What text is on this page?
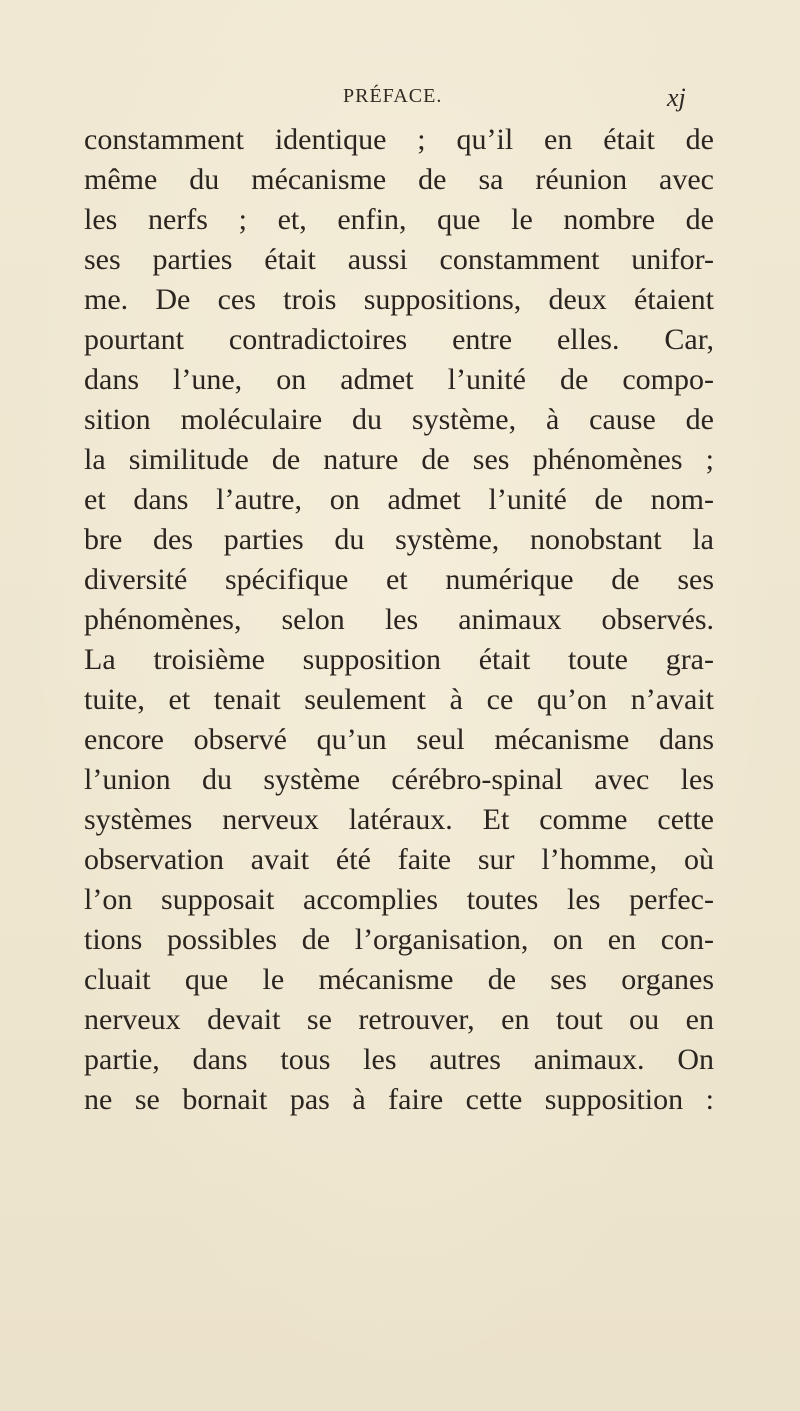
PRÉFACE.	xj
constamment identique ; qu’il en était de
même du mécanisme de sa réunion avec
les nerfs ; et, enfin, que le nombre de
ses parties était aussi constamment unifor-
me. De ces trois suppositions, deux étaient
pourtant contradictoires entre elles. Car,
dans l’une, on admet l’unité de compo-
sition moléculaire du système, à cause de
la similitude de nature de ses phénomènes ;
et dans l’autre, on admet l’unité de nom-
bre des parties du système, nonobstant la
diversité spécifique et numérique de ses
phénomènes, selon les animaux observés.
La troisième supposition était toute gra-
tuite, et tenait seulement à ce qu’on n’avait
encore observé qu’un seul mécanisme dans
l’union du système cérébro-spinal avec les
systèmes nerveux latéraux. Et comme cette
observation avait été faite sur l’homme, où
l’on supposait accomplies toutes les perfec-
tions possibles de l’organisation, on en con-
cluait que le mécanisme de ses organes
nerveux devait se retrouver, en tout ou en
partie, dans tous les autres animaux. On
ne se bornait pas à faire cette supposition :
